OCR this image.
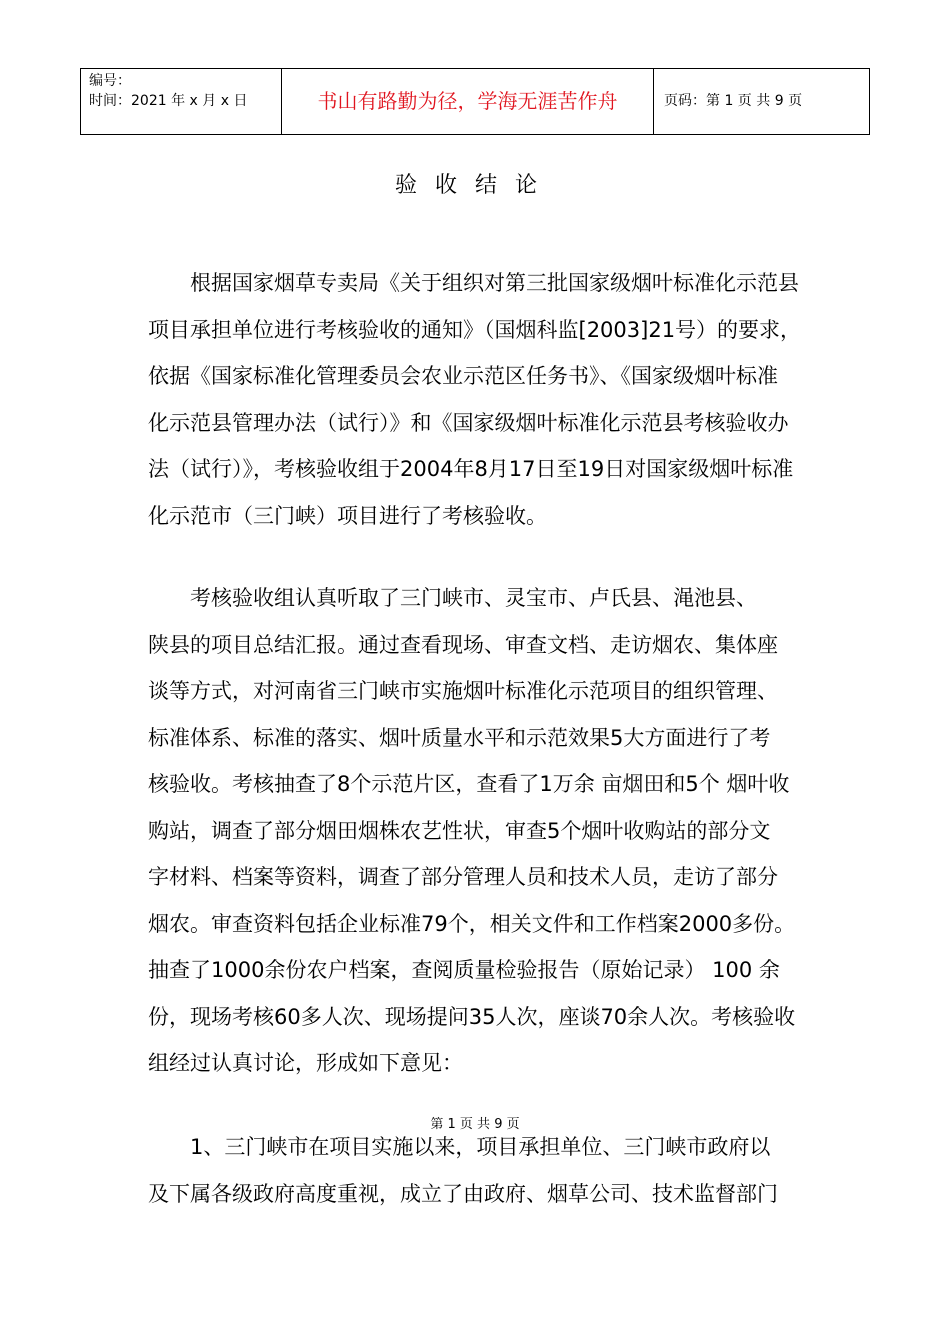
编号：
时间：2021 年 x 月 x 日	书山有路勤为径，学海无涯苦作舟	页码：第 1 页 共 9 页
验收结论
　　根据国家烟草专卖局《关于组织对第三批国家级烟叶标准化示范县
项目承担单位进行考核验收的通知》（国烟科监[2003]21号）的要求，
依据《国家标准化管理委员会农业示范区任务书》、《国家级烟叶标准
化示范县管理办法（试行）》和《国家级烟叶标准化示范县考核验收办
法（试行）》，考核验收组于2004年8月17日至19日对国家级烟叶标准
化示范市（三门峡）项目进行了考核验收。
　　考核验收组认真听取了三门峡市、灵宝市、卢氏县、渑池县、
陕县的项目总结汇报。通过查看现场、审查文档、走访烟农、集体座
谈等方式，对河南省三门峡市实施烟叶标准化示范项目的组织管理、
标准体系、标准的落实、烟叶质量水平和示范效果5大方面进行了考
核验收。考核抽查了8个示范片区，查看了1万余 亩烟田和5个 烟叶收
购站，调查了部分烟田烟株农艺性状，审查5个烟叶收购站的部分文
字材料、档案等资料，调查了部分管理人员和技术人员，走访了部分
烟农。审查资料包括企业标准79个，相关文件和工作档案2000多份。
抽查了1000余份农户档案，查阅质量检验报告（原始记录） 100 余
份，现场考核60多人次、现场提问35人次，座谈70余人次。考核验收
组经过认真讨论，形成如下意见：
第 1 页 共 9 页
　　1、三门峡市在项目实施以来，项目承担单位、三门峡市政府以
及下属各级政府高度重视，成立了由政府、烟草公司、技术监督部门
